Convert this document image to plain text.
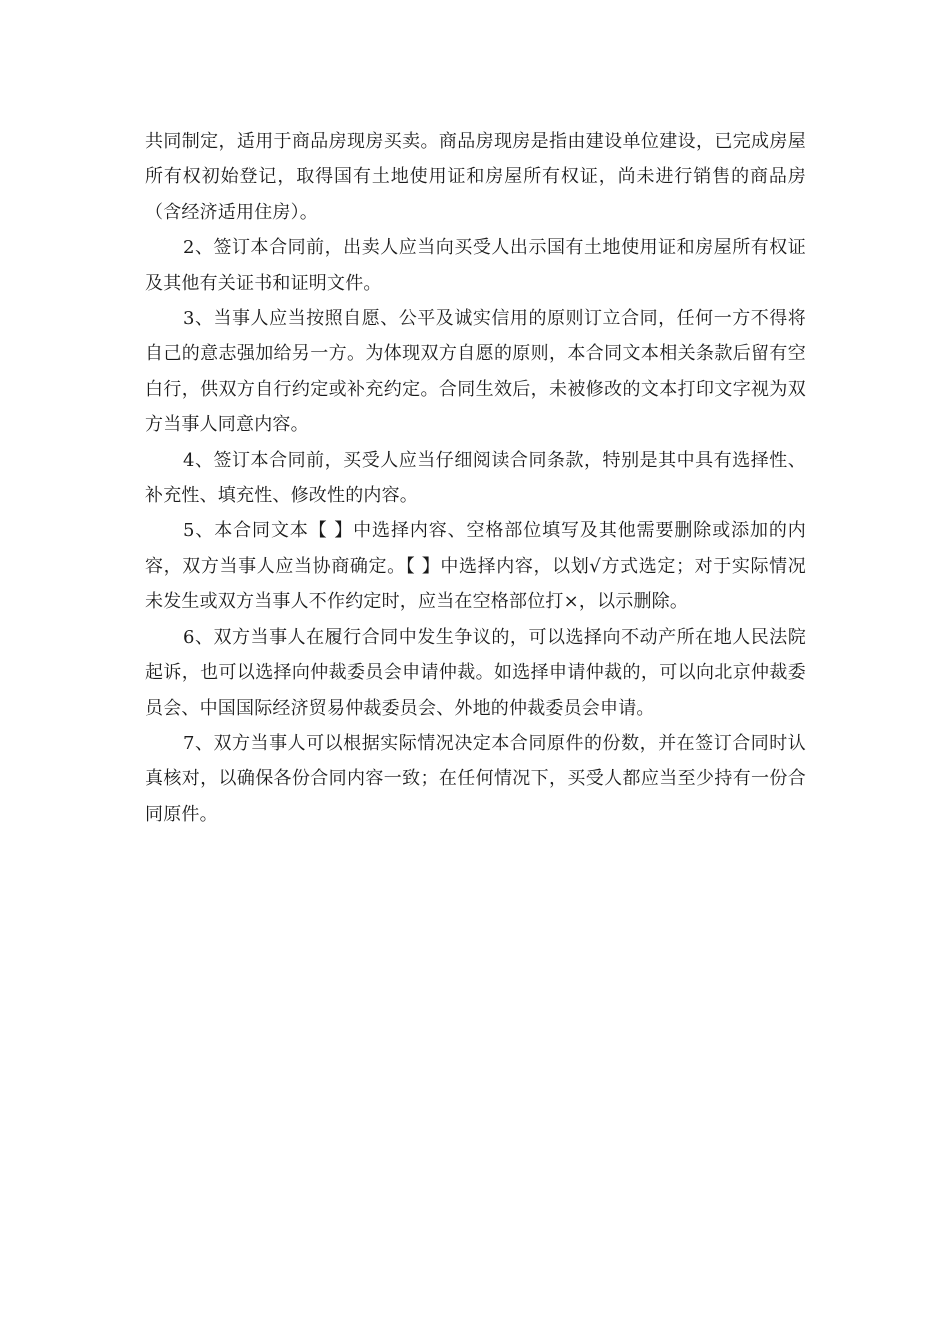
共同制定，适用于商品房现房买卖。商品房现房是指由建设单位建设，已完成房屋所有权初始登记，取得国有土地使用证和房屋所有权证，尚未进行销售的商品房（含经济适用住房）。

2、签订本合同前，出卖人应当向买受人出示国有土地使用证和房屋所有权证及其他有关证书和证明文件。

3、当事人应当按照自愿、公平及诚实信用的原则订立合同，任何一方不得将自己的意志强加给另一方。为体现双方自愿的原则，本合同文本相关条款后留有空白行，供双方自行约定或补充约定。合同生效后，未被修改的文本打印文字视为双方当事人同意内容。

4、签订本合同前，买受人应当仔细阅读合同条款，特别是其中具有选择性、补充性、填充性、修改性的内容。

5、本合同文本【 】中选择内容、空格部位填写及其他需要删除或添加的内容，双方当事人应当协商确定。【 】中选择内容，以划√方式选定；对于实际情况未发生或双方当事人不作约定时，应当在空格部位打×，以示删除。

6、双方当事人在履行合同中发生争议的，可以选择向不动产所在地人民法院起诉，也可以选择向仲裁委员会申请仲裁。如选择申请仲裁的，可以向北京仲裁委员会、中国国际经济贸易仲裁委员会、外地的仲裁委员会申请。

7、双方当事人可以根据实际情况决定本合同原件的份数，并在签订合同时认真核对，以确保各份合同内容一致；在任何情况下，买受人都应当至少持有一份合同原件。
